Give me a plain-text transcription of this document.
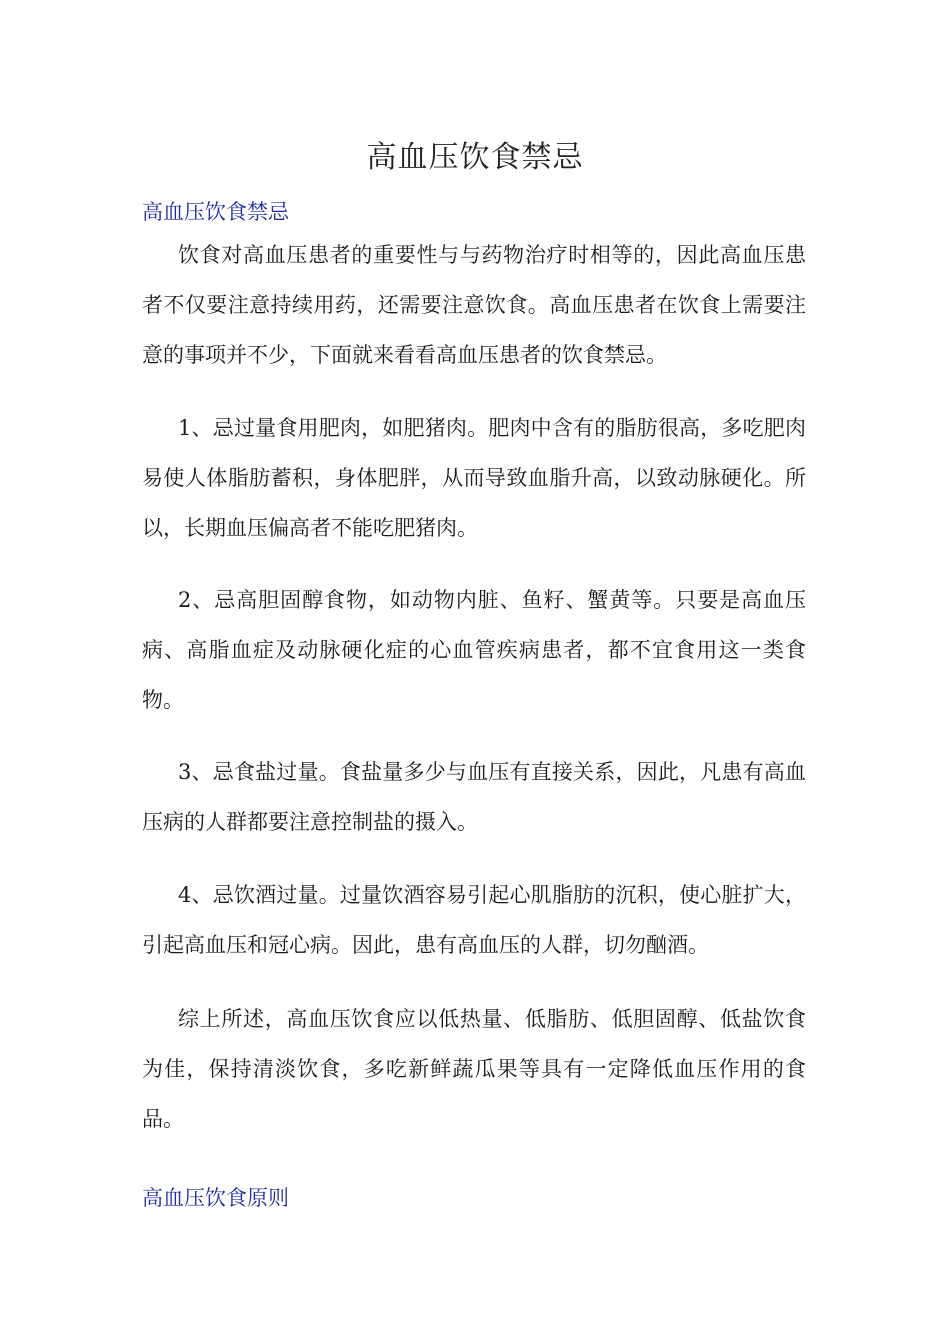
高血压饮食禁忌
高血压饮食禁忌
饮食对高血压患者的重要性与与药物治疗时相等的，因此高血压患者不仅要注意持续用药，还需要注意饮食。高血压患者在饮食上需要注意的事项并不少，下面就来看看高血压患者的饮食禁忌。
1、忌过量食用肥肉，如肥猪肉。肥肉中含有的脂肪很高，多吃肥肉易使人体脂肪蓄积，身体肥胖，从而导致血脂升高，以致动脉硬化。所以，长期血压偏高者不能吃肥猪肉。
2、忌高胆固醇食物，如动物内脏、鱼籽、蟹黄等。只要是高血压病、高脂血症及动脉硬化症的心血管疾病患者，都不宜食用这一类食物。
3、忌食盐过量。食盐量多少与血压有直接关系，因此，凡患有高血压病的人群都要注意控制盐的摄入。
4、忌饮酒过量。过量饮酒容易引起心肌脂肪的沉积，使心脏扩大，引起高血压和冠心病。因此，患有高血压的人群，切勿酗酒。
综上所述，高血压饮食应以低热量、低脂肪、低胆固醇、低盐饮食为佳，保持清淡饮食，多吃新鲜蔬瓜果等具有一定降低血压作用的食品。
高血压饮食原则
